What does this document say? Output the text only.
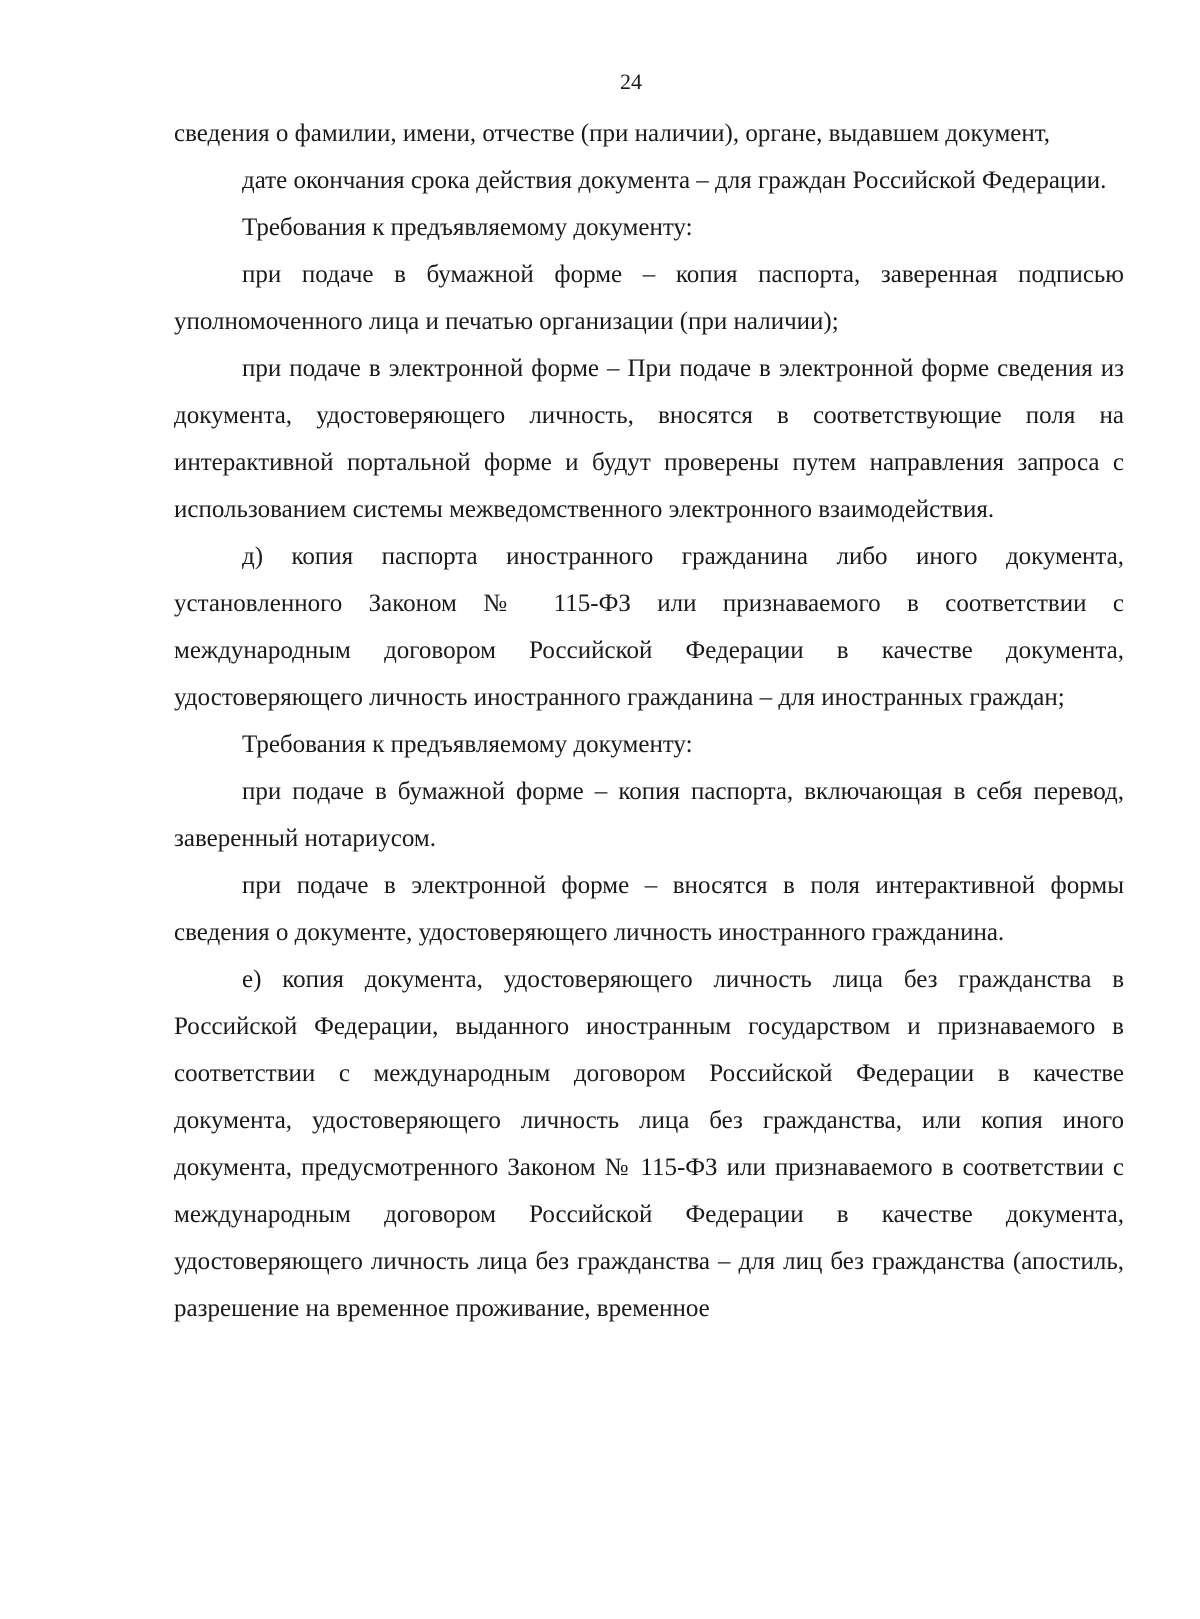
24

сведения о фамилии, имени, отчестве (при наличии), органе, выдавшем документ,

дате окончания срока действия документа – для граждан Российской Федерации.

Требования к предъявляемому документу:

при подаче в бумажной форме – копия паспорта, заверенная подписью уполномоченного лица и печатью организации (при наличии);

при подаче в электронной форме – При подаче в электронной форме сведения из документа, удостоверяющего личность, вносятся в соответствующие поля на интерактивной портальной форме и будут проверены путем направления запроса с использованием системы межведомственного электронного взаимодействия.

д) копия паспорта иностранного гражданина либо иного документа, установленного Законом № 115-ФЗ или признаваемого в соответствии с международным договором Российской Федерации в качестве документа, удостоверяющего личность иностранного гражданина – для иностранных граждан;

Требования к предъявляемому документу:

при подаче в бумажной форме – копия паспорта, включающая в себя перевод, заверенный нотариусом.

при подаче в электронной форме – вносятся в поля интерактивной формы сведения о документе, удостоверяющего личность иностранного гражданина.

е) копия документа, удостоверяющего личность лица без гражданства в Российской Федерации, выданного иностранным государством и признаваемого в соответствии с международным договором Российской Федерации в качестве документа, удостоверяющего личность лица без гражданства, или копия иного документа, предусмотренного Законом № 115-ФЗ или признаваемого в соответствии с международным договором Российской Федерации в качестве документа, удостоверяющего личность лица без гражданства – для лиц без гражданства (апостиль, разрешение на временное проживание, временное
